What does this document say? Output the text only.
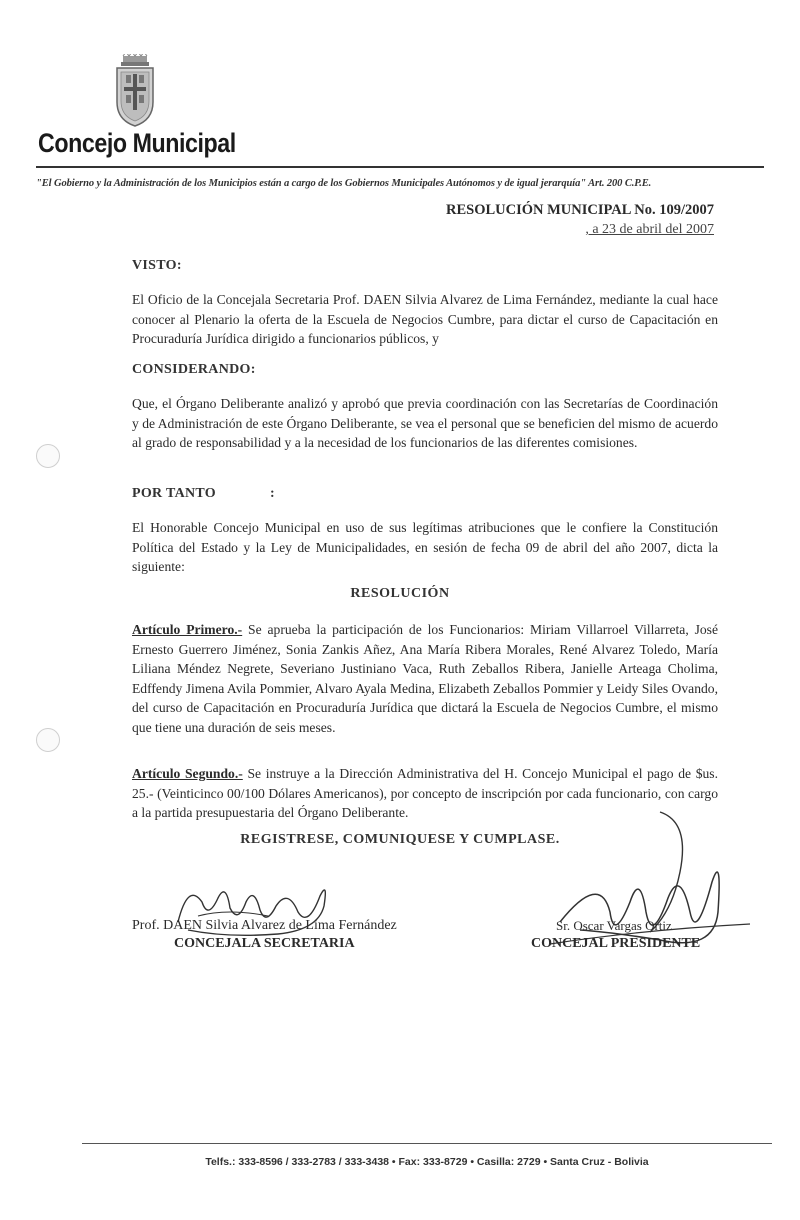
Concejo Municipal
"El Gobierno y la Administración de los Municipios están a cargo de los Gobiernos Municipales Autónomos y de igual jerarquía" Art. 200 C.P.E.
RESOLUCIÓN MUNICIPAL No. 109/2007
, a 23 de abril del 2007
VISTO:
El Oficio de la Concejala Secretaria Prof. DAEN Silvia Alvarez de Lima Fernández, mediante la cual hace conocer al Plenario la oferta de la Escuela de Negocios Cumbre, para dictar el curso de Capacitación en Procuraduría Jurídica dirigido a funcionarios públicos, y
CONSIDERANDO:
Que, el Órgano Deliberante analizó y aprobó que previa coordinación con las Secretarías de Coordinación y de Administración de este Órgano Deliberante, se vea el personal que se beneficien del mismo de acuerdo al grado de responsabilidad y a la necesidad de los funcionarios de las diferentes comisiones.
POR TANTO	:
El Honorable Concejo Municipal en uso de sus legítimas atribuciones que le confiere la Constitución Política del Estado y la Ley de Municipalidades, en sesión de fecha 09 de abril del año 2007, dicta la siguiente:
RESOLUCIÓN
Artículo Primero.- Se aprueba la participación de los Funcionarios: Miriam Villarroel Villarreta, José Ernesto Guerrero Jiménez, Sonia Zankis Añez, Ana María Ribera Morales, René Alvarez Toledo, María Liliana Méndez Negrete, Severiano Justiniano Vaca, Ruth Zeballos Ribera, Janielle Arteaga Cholima, Edffendy Jimena Avila Pommier, Alvaro Ayala Medina, Elizabeth Zeballos Pommier y Leidy Siles Ovando, del curso de Capacitación en Procuraduría Jurídica que dictará la Escuela de Negocios Cumbre, el mismo que tiene una duración de seis meses.
Artículo Segundo.- Se instruye a la Dirección Administrativa del H. Concejo Municipal el pago de $us. 25.- (Veinticinco 00/100 Dólares Americanos), por concepto de inscripción por cada funcionario, con cargo a la partida presupuestaria del Órgano Deliberante.
REGISTRESE, COMUNIQUESE Y CUMPLASE.
Prof. DAEN Silvia Alvarez de Lima Fernández
CONCEJALA SECRETARIA
Sr. Oscar Vargas Ortiz
CONCEJAL PRESIDENTE
Telfs.: 333-8596 / 333-2783 / 333-3438 • Fax: 333-8729 • Casilla: 2729 • Santa Cruz - Bolivia
